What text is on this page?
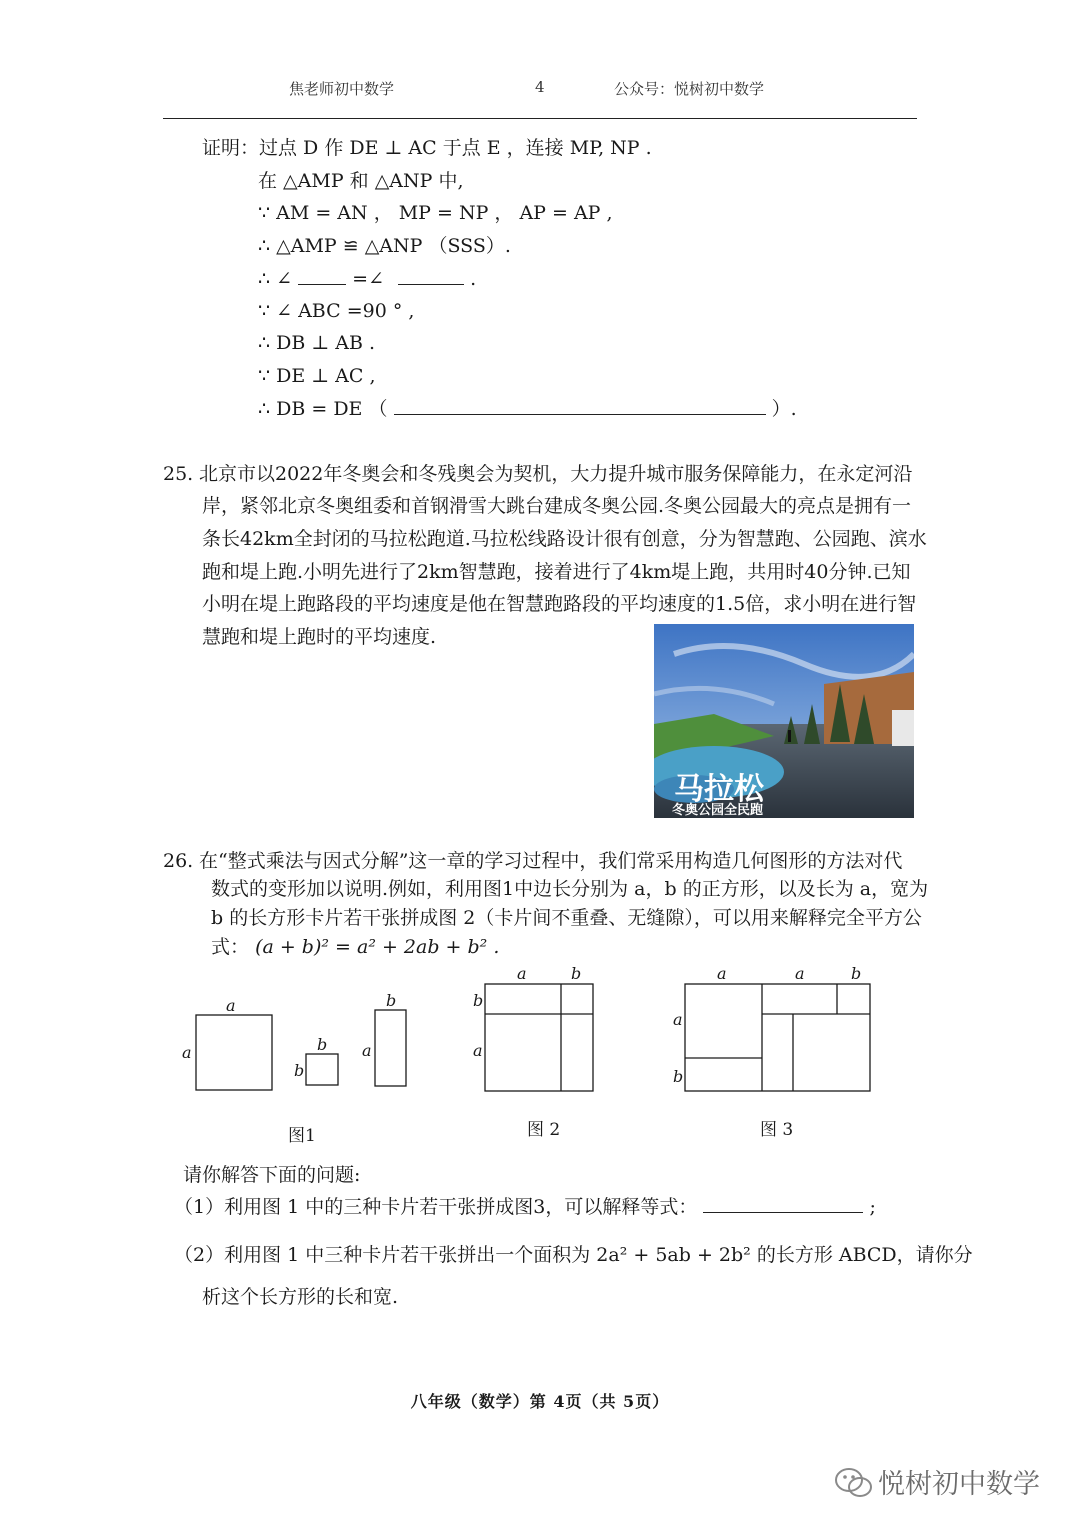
焦老师初中数学	4	公众号：悦树初中数学
证明：过点 D 作 DE ⊥ AC 于点 E ，连接 MP, NP .
在 △AMP 和 △ANP 中,
∵ AM = AN ， MP = NP ， AP = AP ,
∴ △AMP ≌ △ANP （SSS）.
∴ ∠	=∠	.
∵ ∠ ABC =90 ° ,
∴ DB ⊥ AB .
∵ DE ⊥ AC ,
∴ DB = DE （	）.
25. 北京市以2022年冬奥会和冬残奥会为契机，大力提升城市服务保障能力，在永定河沿
岸，紧邻北京冬奥组委和首钢滑雪大跳台建成冬奥公园.冬奥公园最大的亮点是拥有一
条长42km全封闭的马拉松跑道.马拉松线路设计很有创意，分为智慧跑、公园跑、滨水
跑和堤上跑.小明先进行了2km智慧跑，接着进行了4km堤上跑，共用时40分钟.已知
小明在堤上跑路段的平均速度是他在智慧跑路段的平均速度的1.5倍，求小明在进行智
慧跑和堤上跑时的平均速度.
马拉松
冬奥公园全民跑
26. 在“整式乘法与因式分解”这一章的学习过程中，我们常采用构造几何图形的方法对代
数式的变形加以说明.例如，利用图1中边长分别为 a，b 的正方形，以及长为 a，宽为
b 的长方形卡片若干张拼成图 2（卡片间不重叠、无缝隙），可以用来解释完全平方公
式： (a + b)² = a² + 2ab + b² .
a
a	b
b
b
a
图1
a	b
b
a
图 2
a	a	b
a
b
图 3
请你解答下面的问题:
（1）利用图 1 中的三种卡片若干张拼成图3，可以解释等式：	;
（2）利用图 1 中三种卡片若干张拼出一个面积为 2a² + 5ab + 2b² 的长方形 ABCD，请你分
析这个长方形的长和宽.
八年级（数学）第 4页（共 5页）
悦树初中数学
